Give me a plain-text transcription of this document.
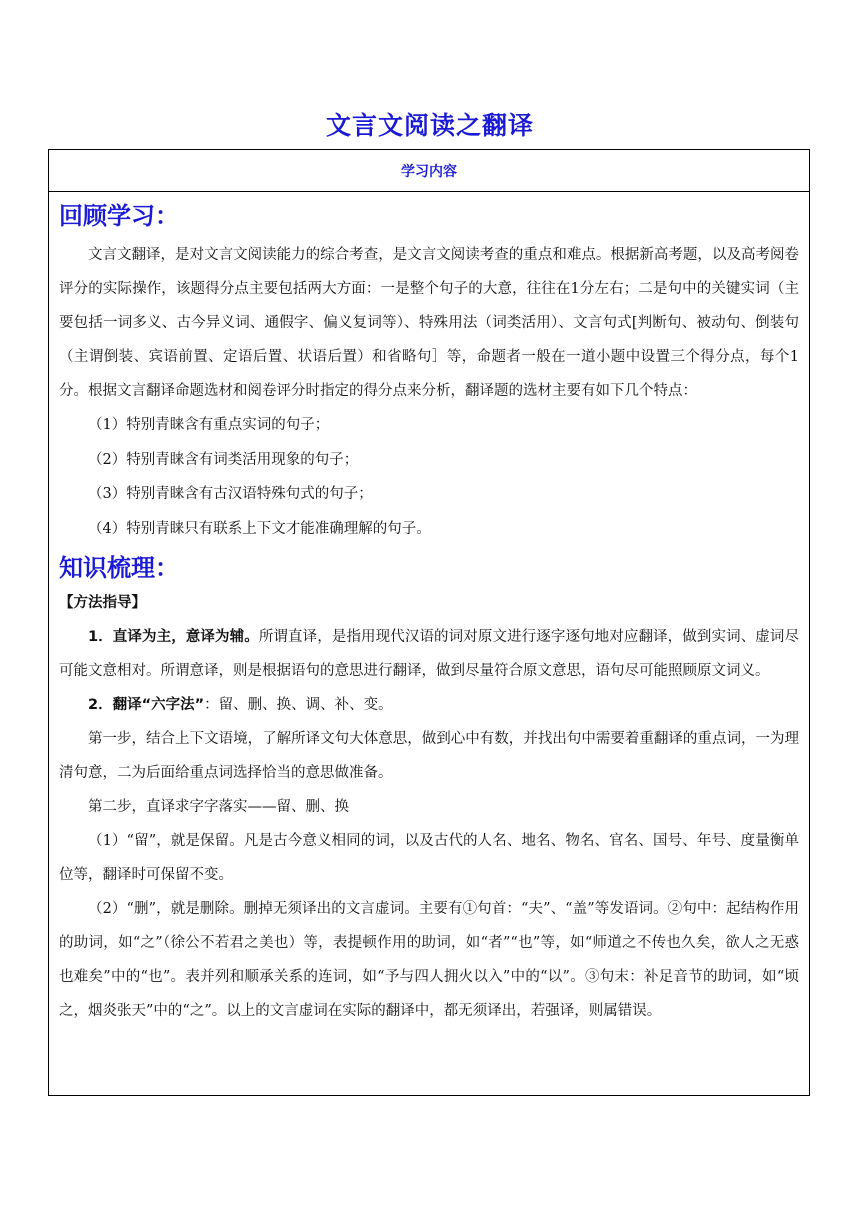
文言文阅读之翻译
学习内容
回顾学习：

文言文翻译，是对文言文阅读能力的综合考查，是文言文阅读考查的重点和难点。根据新高考题，以及高考阅卷评分的实际操作，该题得分点主要包括两大方面：一是整个句子的大意，往往在1分左右；二是句中的关键实词（主要包括一词多义、古今异义词、通假字、偏义复词等）、特殊用法（词类活用）、文言句式[判断句、被动句、倒装句（主谓倒装、宾语前置、定语后置、状语后置）和省略句］等，命题者一般在一道小题中设置三个得分点，每个1分。根据文言翻译命题选材和阅卷评分时指定的得分点来分析，翻译题的选材主要有如下几个特点：

（1）特别青睐含有重点实词的句子；

（2）特别青睐含有词类活用现象的句子；

（3）特别青睐含有古汉语特殊句式的句子；

（4）特别青睐只有联系上下文才能准确理解的句子。

知识梳理：

【方法指导】

1．直译为主，意译为辅。所谓直译，是指用现代汉语的词对原文进行逐字逐句地对应翻译，做到实词、虚词尽可能文意相对。所谓意译，则是根据语句的意思进行翻译，做到尽量符合原文意思，语句尽可能照顾原文词义。

2．翻译“六字法”：留、删、换、调、补、变。

第一步，结合上下文语境，了解所译文句大体意思，做到心中有数，并找出句中需要着重翻译的重点词，一为理清句意，二为后面给重点词选择恰当的意思做准备。

第二步，直译求字字落实——留、删、换

（1）“留”，就是保留。凡是古今意义相同的词，以及古代的人名、地名、物名、官名、国号、年号、度量衡单位等，翻译时可保留不变。

（2）“删”，就是删除。删掉无须译出的文言虚词。主要有①句首：“夫”、“盖”等发语词。②句中：起结构作用的助词，如“之”（徐公不若君之美也）等，表提顿作用的助词，如“者”“也”等，如“师道之不传也久矣，欲人之无惑也难矣”中的“也”。表并列和顺承关系的连词，如“予与四人拥火以入”中的“以”。③句末：补足音节的助词，如“顷之，烟炎张天”中的“之”。以上的文言虚词在实际的翻译中，都无须译出，若强译，则属错误。
